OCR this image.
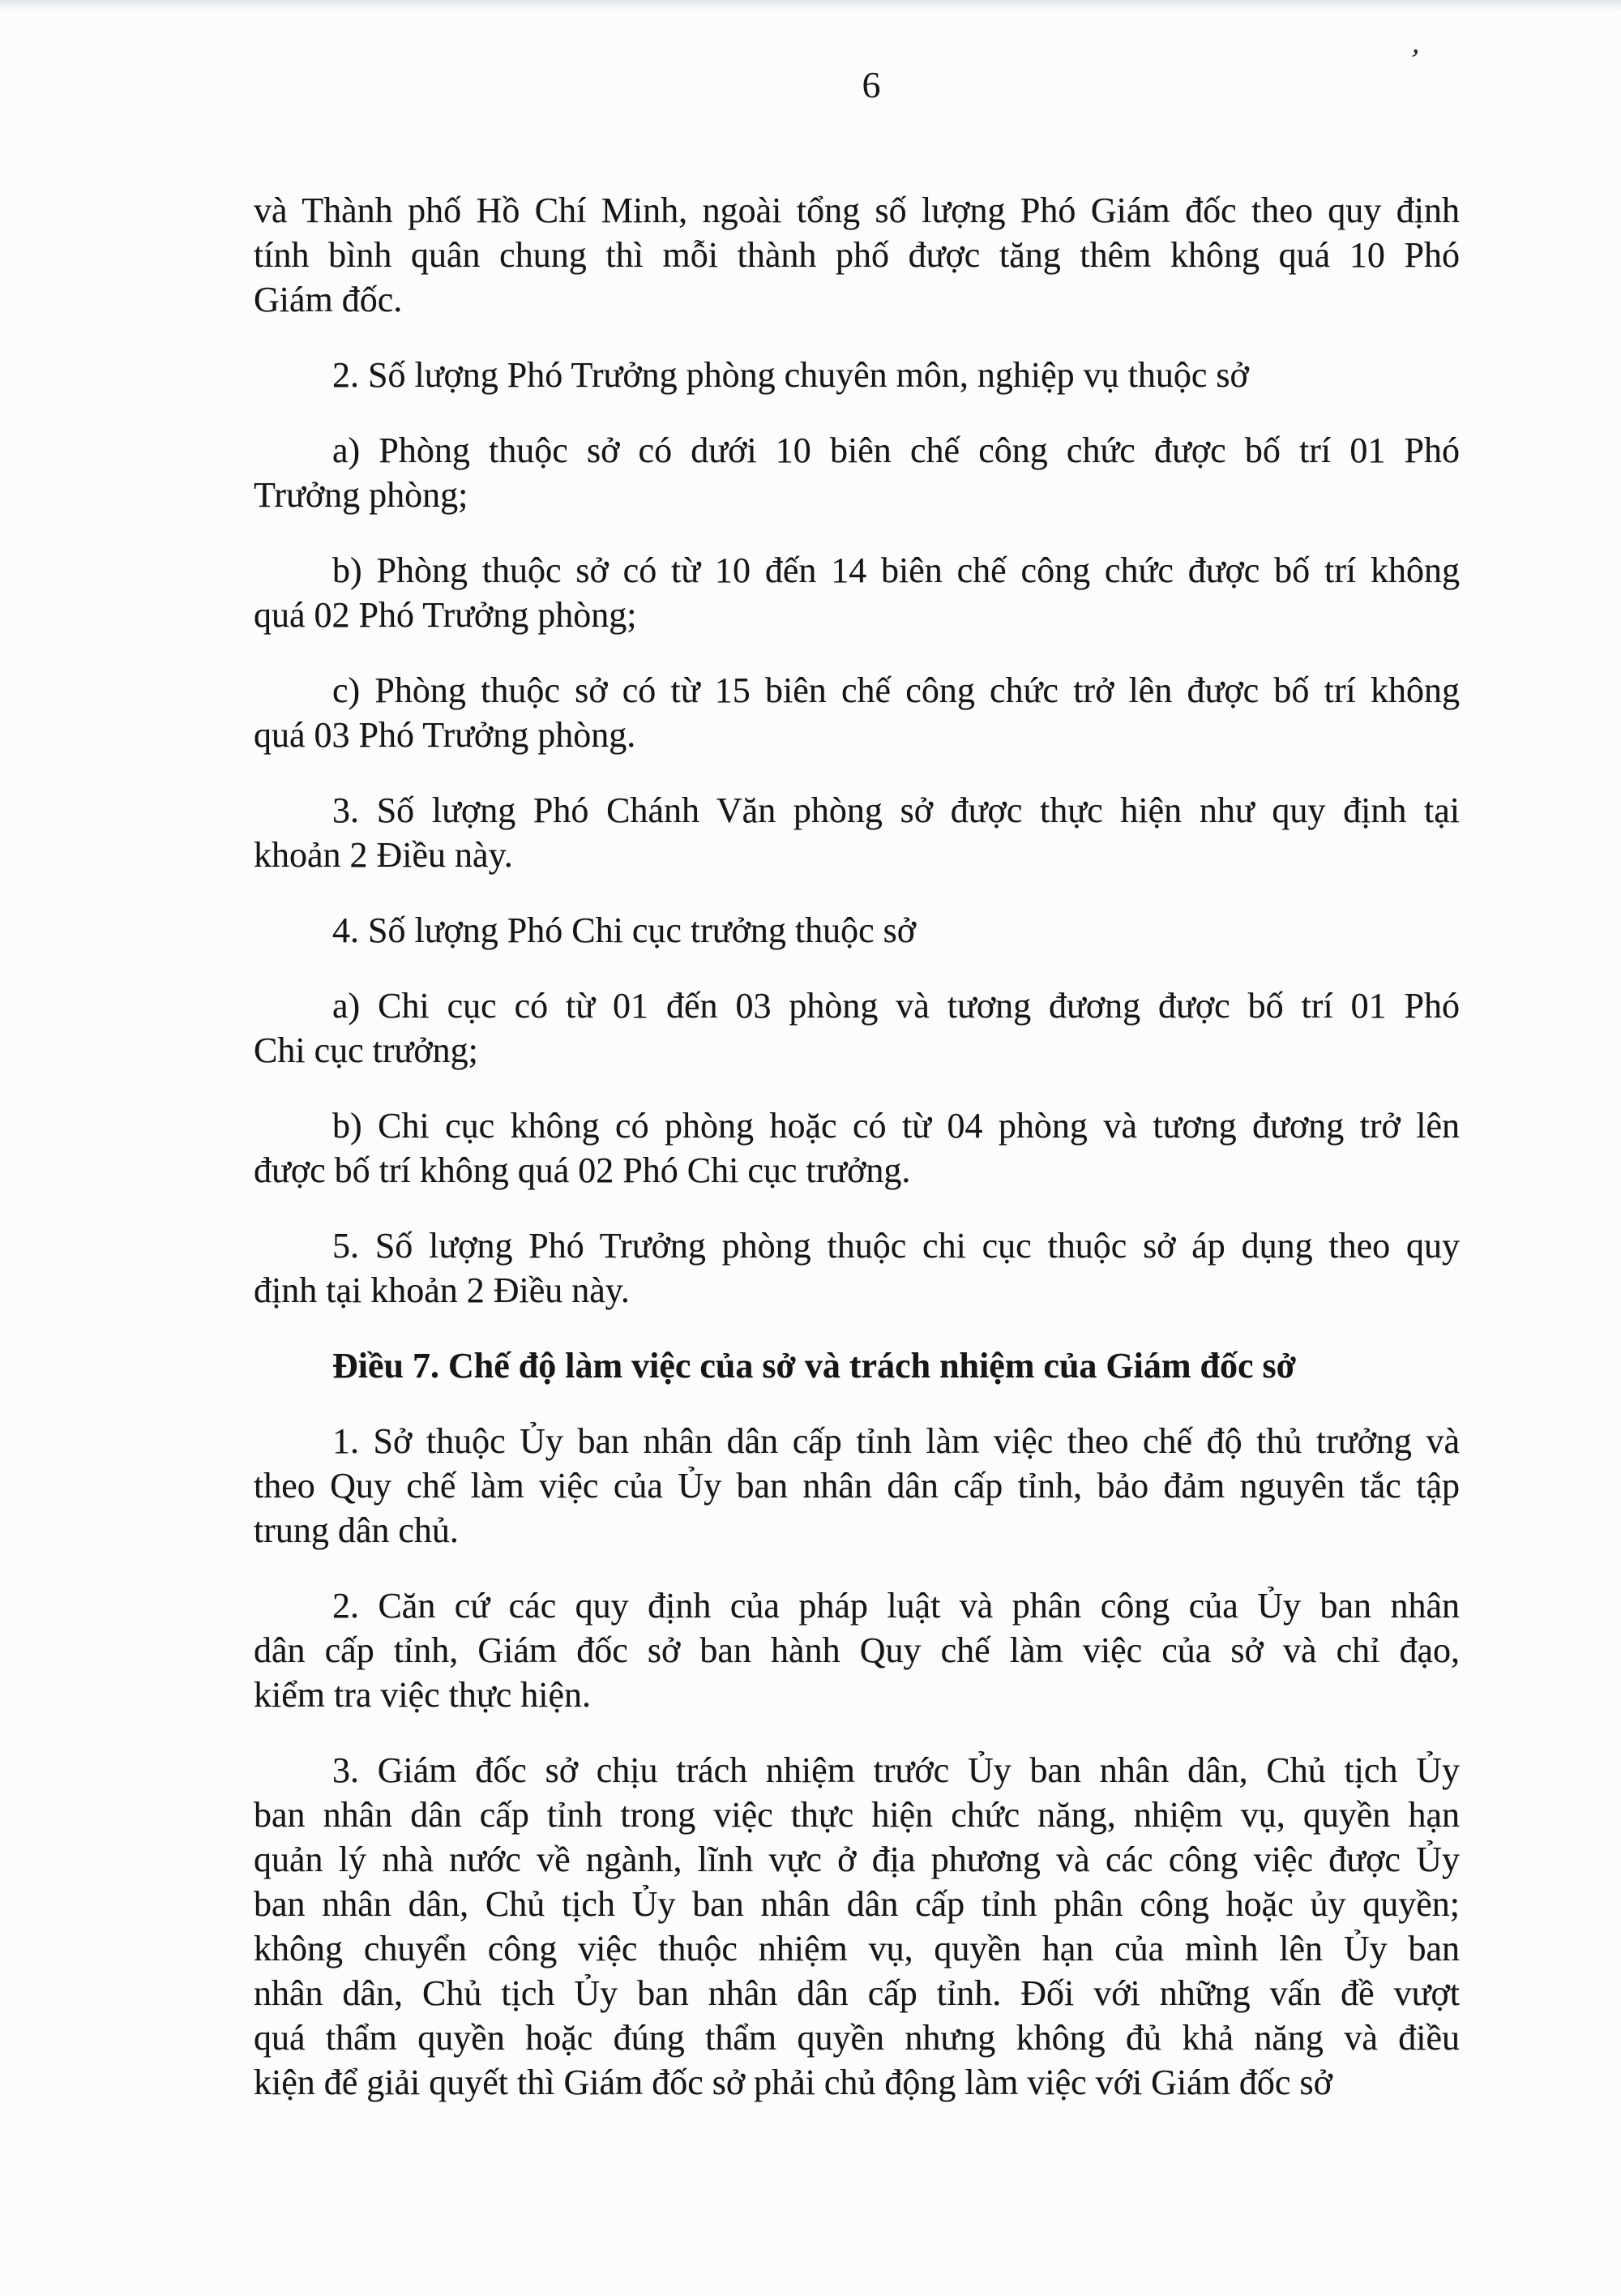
6
’
và Thành phố Hồ Chí Minh, ngoài tổng số lượng Phó Giám đốc theo quy định
tính bình quân chung thì mỗi thành phố được tăng thêm không quá 10 Phó
Giám đốc.
2. Số lượng Phó Trưởng phòng chuyên môn, nghiệp vụ thuộc sở
a) Phòng thuộc sở có dưới 10 biên chế công chức được bố trí 01 Phó
Trưởng phòng;
b) Phòng thuộc sở có từ 10 đến 14 biên chế công chức được bố trí không
quá 02 Phó Trưởng phòng;
c) Phòng thuộc sở có từ 15 biên chế công chức trở lên được bố trí không
quá 03 Phó Trưởng phòng.
3. Số lượng Phó Chánh Văn phòng sở được thực hiện như quy định tại
khoản 2 Điều này.
4. Số lượng Phó Chi cục trưởng thuộc sở
a) Chi cục có từ 01 đến 03 phòng và tương đương được bố trí 01 Phó
Chi cục trưởng;
b) Chi cục không có phòng hoặc có từ 04 phòng và tương đương trở lên
được bố trí không quá 02 Phó Chi cục trưởng.
5. Số lượng Phó Trưởng phòng thuộc chi cục thuộc sở áp dụng theo quy
định tại khoản 2 Điều này.
Điều 7. Chế độ làm việc của sở và trách nhiệm của Giám đốc sở
1. Sở thuộc Ủy ban nhân dân cấp tỉnh làm việc theo chế độ thủ trưởng và
theo Quy chế làm việc của Ủy ban nhân dân cấp tỉnh, bảo đảm nguyên tắc tập
trung dân chủ.
2. Căn cứ các quy định của pháp luật và phân công của Ủy ban nhân
dân cấp tỉnh, Giám đốc sở ban hành Quy chế làm việc của sở và chỉ đạo,
kiểm tra việc thực hiện.
3. Giám đốc sở chịu trách nhiệm trước Ủy ban nhân dân, Chủ tịch Ủy
ban nhân dân cấp tỉnh trong việc thực hiện chức năng, nhiệm vụ, quyền hạn
quản lý nhà nước về ngành, lĩnh vực ở địa phương và các công việc được Ủy
ban nhân dân, Chủ tịch Ủy ban nhân dân cấp tỉnh phân công hoặc ủy quyền;
không chuyển công việc thuộc nhiệm vụ, quyền hạn của mình lên Ủy ban
nhân dân, Chủ tịch Ủy ban nhân dân cấp tỉnh. Đối với những vấn đề vượt
quá thẩm quyền hoặc đúng thẩm quyền nhưng không đủ khả năng và điều
kiện để giải quyết thì Giám đốc sở phải chủ động làm việc với Giám đốc sở
